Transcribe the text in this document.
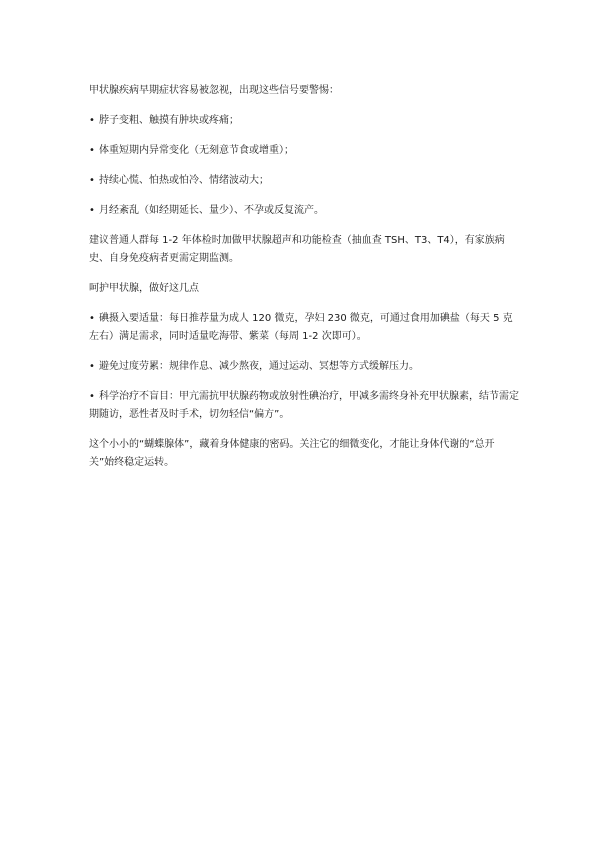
甲状腺疾病早期症状容易被忽视，出现这些信号要警惕：

• 脖子变粗、触摸有肿块或疼痛；

• 体重短期内异常变化（无刻意节食或增重）；

• 持续心慌、怕热或怕冷、情绪波动大；

• 月经紊乱（如经期延长、量少）、不孕或反复流产。

建议普通人群每 1-2 年体检时加做甲状腺超声和功能检查（抽血查 TSH、T3、T4），有家族病史、自身免疫病者更需定期监测。

呵护甲状腺，做好这几点

• 碘摄入要适量：每日推荐量为成人 120 微克，孕妇 230 微克，可通过食用加碘盐（每天 5 克左右）满足需求，同时适量吃海带、紫菜（每周 1-2 次即可）。

• 避免过度劳累：规律作息、减少熬夜，通过运动、冥想等方式缓解压力。

• 科学治疗不盲目：甲亢需抗甲状腺药物或放射性碘治疗，甲减多需终身补充甲状腺素，结节需定期随访，恶性者及时手术，切勿轻信“偏方”。

这个小小的“蝴蝶腺体”，藏着身体健康的密码。关注它的细微变化，才能让身体代谢的“总开关”始终稳定运转。
